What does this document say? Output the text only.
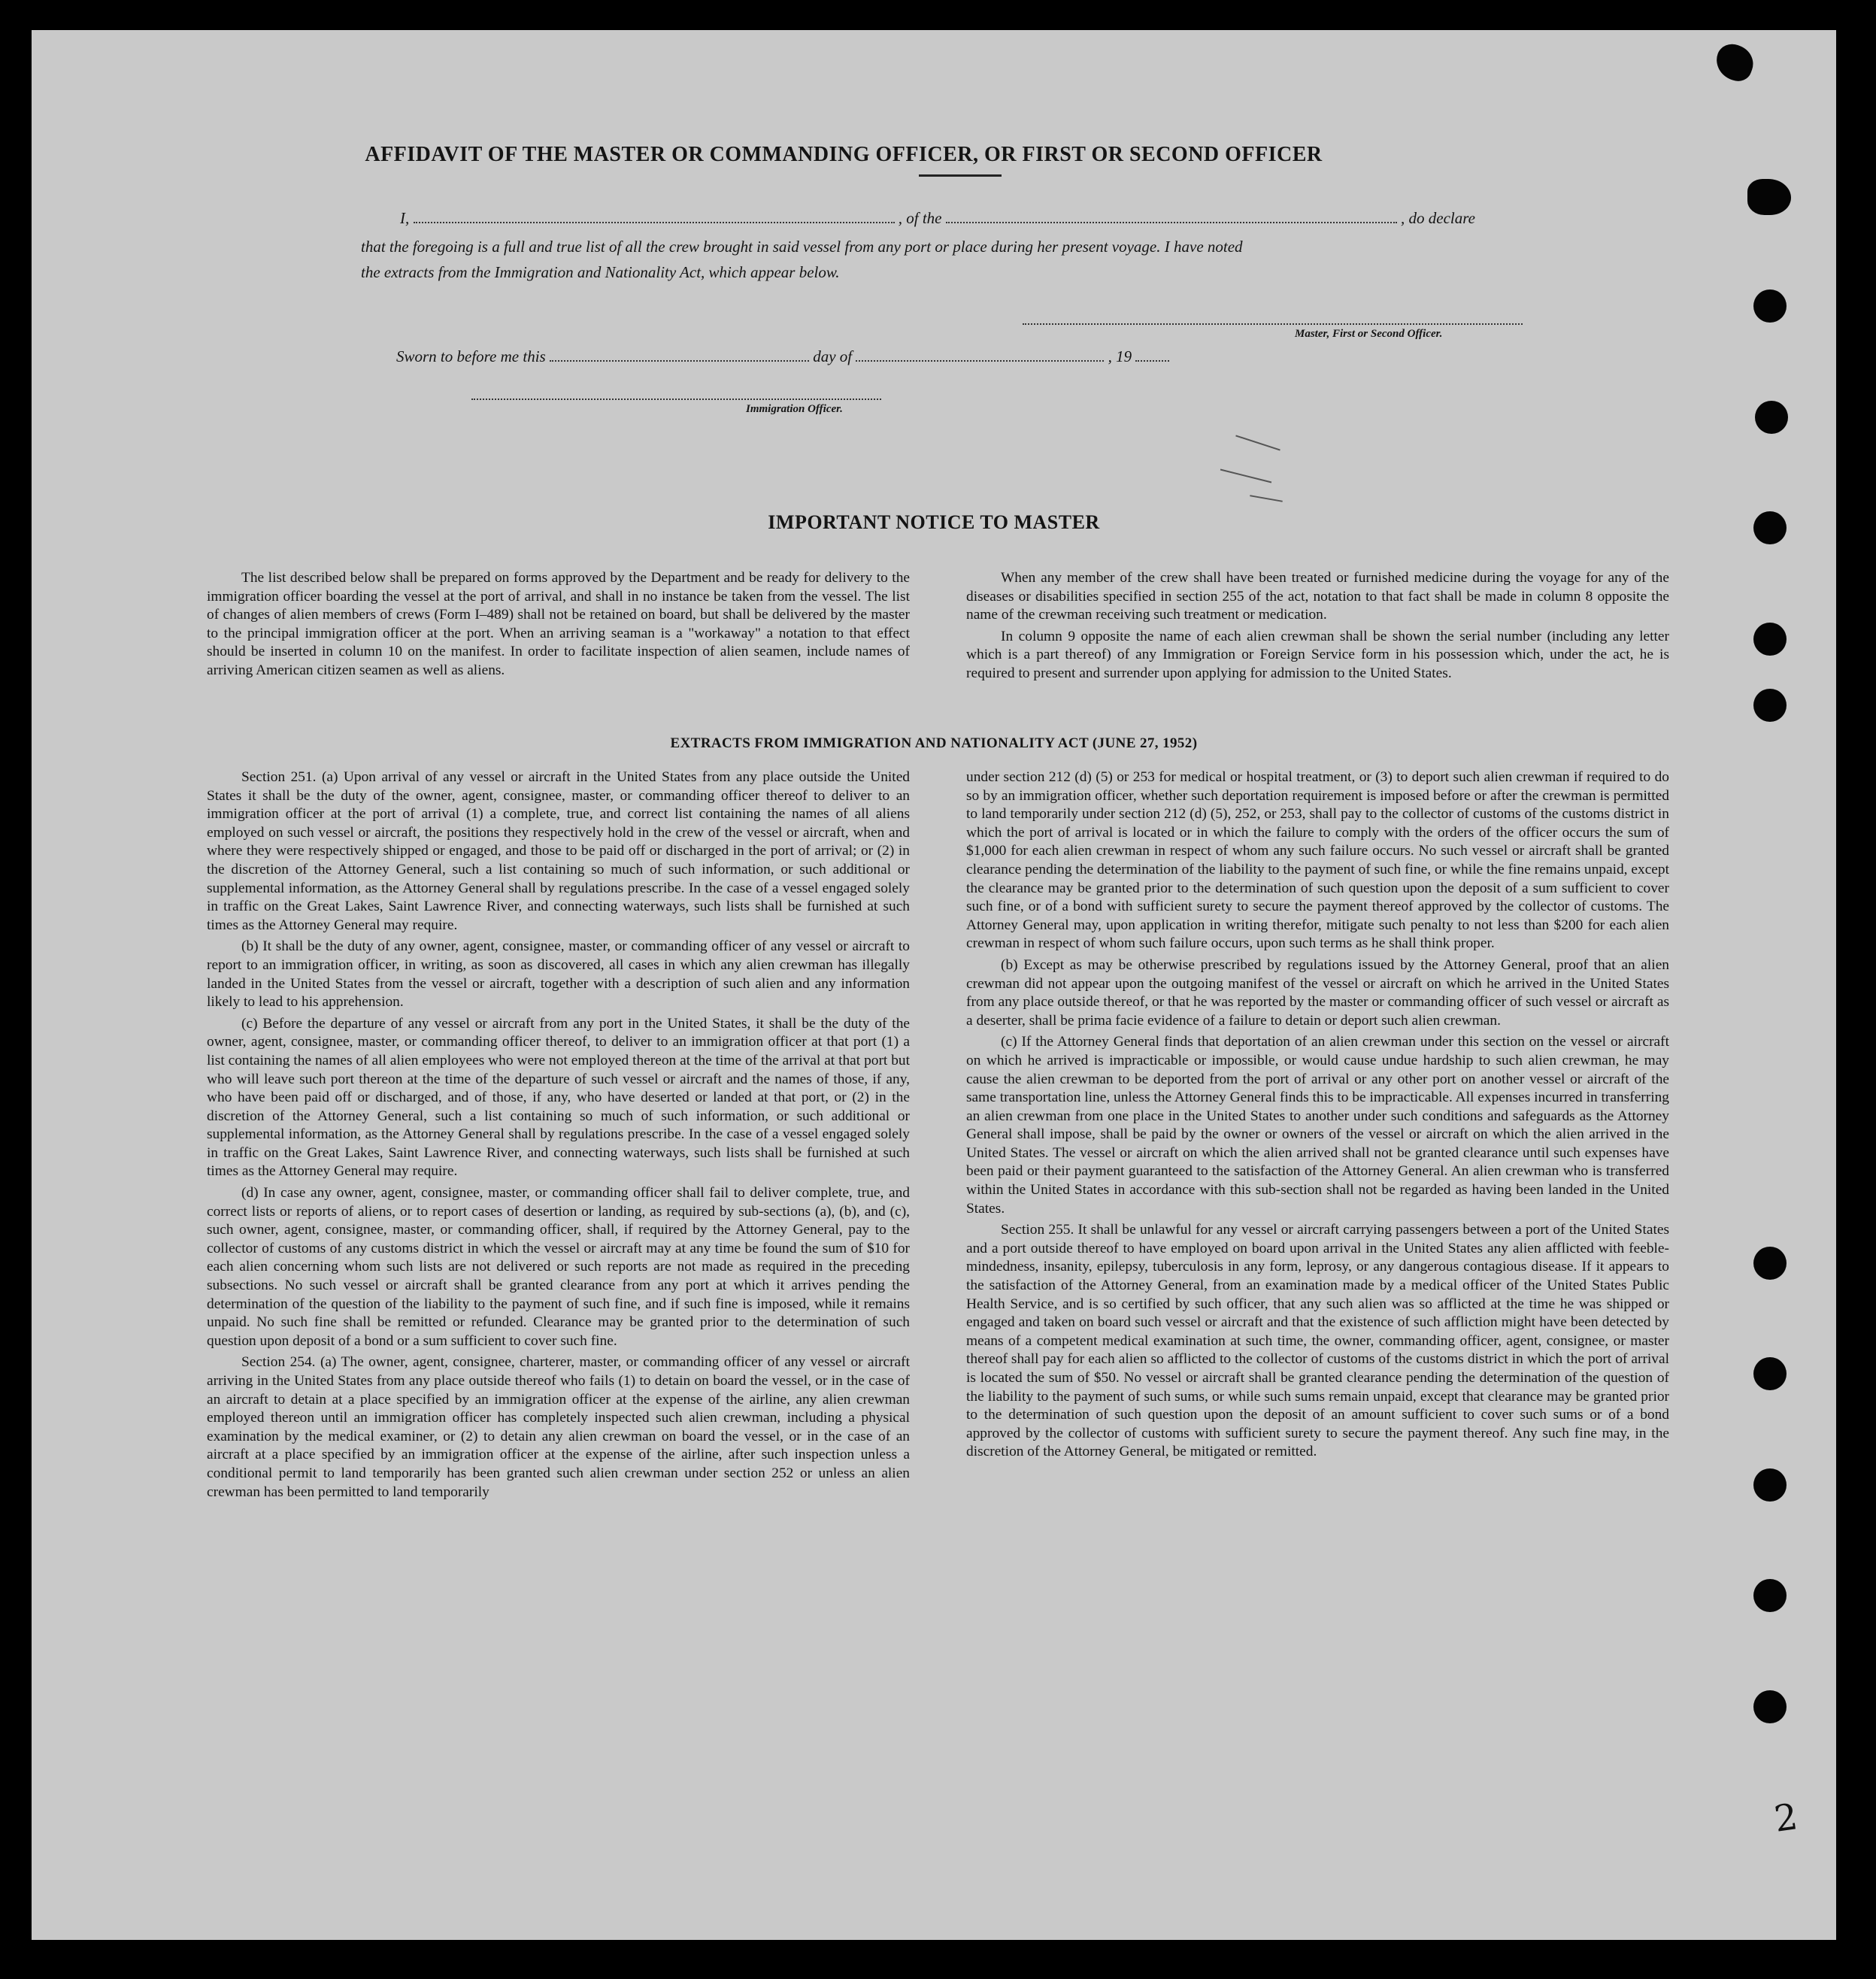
AFFIDAVIT OF THE MASTER OR COMMANDING OFFICER, OR FIRST OR SECOND OFFICER
I,	, of the	, do declare
that the foregoing is a full and true list of all the crew brought in said vessel from any port or place during her present voyage. I have noted
the extracts from the Immigration and Nationality Act, which appear below.
Master, First or Second Officer.
Sworn to before me this	day of	, 19
Immigration Officer.
IMPORTANT NOTICE TO MASTER

The list described below shall be prepared on forms approved by the Department and be ready for delivery to the immigration officer boarding the vessel at the port of arrival, and shall in no instance be taken from the vessel. The list of changes of alien members of crews (Form I–489) shall not be retained on board, but shall be delivered by the master to the principal immigration officer at the port. When an arriving seaman is a "workaway" a notation to that effect should be inserted in column 10 on the manifest. In order to facilitate inspection of alien seamen, include names of arriving American citizen seamen as well as aliens.

When any member of the crew shall have been treated or furnished medicine during the voyage for any of the diseases or disabilities specified in section 255 of the act, notation to that fact shall be made in column 8 opposite the name of the crewman receiving such treatment or medication.

In column 9 opposite the name of each alien crewman shall be shown the serial number (including any letter which is a part thereof) of any Immigration or Foreign Service form in his possession which, under the act, he is required to present and surrender upon applying for admission to the United States.

EXTRACTS FROM IMMIGRATION AND NATIONALITY ACT (JUNE 27, 1952)

Section 251. (a) Upon arrival of any vessel or aircraft in the United States from any place outside the United States it shall be the duty of the owner, agent, consignee, master, or commanding officer thereof to deliver to an immigration officer at the port of arrival (1) a complete, true, and correct list containing the names of all aliens employed on such vessel or aircraft, the positions they respectively hold in the crew of the vessel or aircraft, when and where they were respectively shipped or engaged, and those to be paid off or discharged in the port of arrival; or (2) in the discretion of the Attorney General, such a list containing so much of such information, or such additional or supplemental information, as the Attorney General shall by regulations prescribe. In the case of a vessel engaged solely in traffic on the Great Lakes, Saint Lawrence River, and connecting waterways, such lists shall be furnished at such times as the Attorney General may require.

(b) It shall be the duty of any owner, agent, consignee, master, or commanding officer of any vessel or aircraft to report to an immigration officer, in writing, as soon as discovered, all cases in which any alien crewman has illegally landed in the United States from the vessel or aircraft, together with a description of such alien and any information likely to lead to his apprehension.

(c) Before the departure of any vessel or aircraft from any port in the United States, it shall be the duty of the owner, agent, consignee, master, or commanding officer thereof, to deliver to an immigration officer at that port (1) a list containing the names of all alien employees who were not employed thereon at the time of the arrival at that port but who will leave such port thereon at the time of the departure of such vessel or aircraft and the names of those, if any, who have been paid off or discharged, and of those, if any, who have deserted or landed at that port, or (2) in the discretion of the Attorney General, such a list containing so much of such information, or such additional or supplemental information, as the Attorney General shall by regulations prescribe. In the case of a vessel engaged solely in traffic on the Great Lakes, Saint Lawrence River, and connecting waterways, such lists shall be furnished at such times as the Attorney General may require.

(d) In case any owner, agent, consignee, master, or commanding officer shall fail to deliver complete, true, and correct lists or reports of aliens, or to report cases of desertion or landing, as required by sub-sections (a), (b), and (c), such owner, agent, consignee, master, or commanding officer, shall, if required by the Attorney General, pay to the collector of customs of any customs district in which the vessel or aircraft may at any time be found the sum of $10 for each alien concerning whom such lists are not delivered or such reports are not made as required in the preceding subsections. No such vessel or aircraft shall be granted clearance from any port at which it arrives pending the determination of the question of the liability to the payment of such fine, and if such fine is imposed, while it remains unpaid. No such fine shall be remitted or refunded. Clearance may be granted prior to the determination of such question upon deposit of a bond or a sum sufficient to cover such fine.

Section 254. (a) The owner, agent, consignee, charterer, master, or commanding officer of any vessel or aircraft arriving in the United States from any place outside thereof who fails (1) to detain on board the vessel, or in the case of an aircraft to detain at a place specified by an immigration officer at the expense of the airline, any alien crewman employed thereon until an immigration officer has completely inspected such alien crewman, including a physical examination by the medical examiner, or (2) to detain any alien crewman on board the vessel, or in the case of an aircraft at a place specified by an immigration officer at the expense of the airline, after such inspection unless a conditional permit to land temporarily has been granted such alien crewman under section 252 or unless an alien crewman has been permitted to land temporarily

under section 212 (d) (5) or 253 for medical or hospital treatment, or (3) to deport such alien crewman if required to do so by an immigration officer, whether such deportation requirement is imposed before or after the crewman is permitted to land temporarily under section 212 (d) (5), 252, or 253, shall pay to the collector of customs of the customs district in which the port of arrival is located or in which the failure to comply with the orders of the officer occurs the sum of $1,000 for each alien crewman in respect of whom any such failure occurs. No such vessel or aircraft shall be granted clearance pending the determination of the liability to the payment of such fine, or while the fine remains unpaid, except the clearance may be granted prior to the determination of such question upon the deposit of a sum sufficient to cover such fine, or of a bond with sufficient surety to secure the payment thereof approved by the collector of customs. The Attorney General may, upon application in writing therefor, mitigate such penalty to not less than $200 for each alien crewman in respect of whom such failure occurs, upon such terms as he shall think proper.

(b) Except as may be otherwise prescribed by regulations issued by the Attorney General, proof that an alien crewman did not appear upon the outgoing manifest of the vessel or aircraft on which he arrived in the United States from any place outside thereof, or that he was reported by the master or commanding officer of such vessel or aircraft as a deserter, shall be prima facie evidence of a failure to detain or deport such alien crewman.

(c) If the Attorney General finds that deportation of an alien crewman under this section on the vessel or aircraft on which he arrived is impracticable or impossible, or would cause undue hardship to such alien crewman, he may cause the alien crewman to be deported from the port of arrival or any other port on another vessel or aircraft of the same transportation line, unless the Attorney General finds this to be impracticable. All expenses incurred in transferring an alien crewman from one place in the United States to another under such conditions and safeguards as the Attorney General shall impose, shall be paid by the owner or owners of the vessel or aircraft on which the alien arrived in the United States. The vessel or aircraft on which the alien arrived shall not be granted clearance until such expenses have been paid or their payment guaranteed to the satisfaction of the Attorney General. An alien crewman who is transferred within the United States in accordance with this sub-section shall not be regarded as having been landed in the United States.

Section 255. It shall be unlawful for any vessel or aircraft carrying passengers between a port of the United States and a port outside thereof to have employed on board upon arrival in the United States any alien afflicted with feeble-mindedness, insanity, epilepsy, tuberculosis in any form, leprosy, or any dangerous contagious disease. If it appears to the satisfaction of the Attorney General, from an examination made by a medical officer of the United States Public Health Service, and is so certified by such officer, that any such alien was so afflicted at the time he was shipped or engaged and taken on board such vessel or aircraft and that the existence of such affliction might have been detected by means of a competent medical examination at such time, the owner, commanding officer, agent, consignee, or master thereof shall pay for each alien so afflicted to the collector of customs of the customs district in which the port of arrival is located the sum of $50. No vessel or aircraft shall be granted clearance pending the determination of the question of the liability to the payment of such sums, or while such sums remain unpaid, except that clearance may be granted prior to the determination of such question upon the deposit of an amount sufficient to cover such sums or of a bond approved by the collector of customs with sufficient surety to secure the payment thereof. Any such fine may, in the discretion of the Attorney General, be mitigated or remitted.

2
